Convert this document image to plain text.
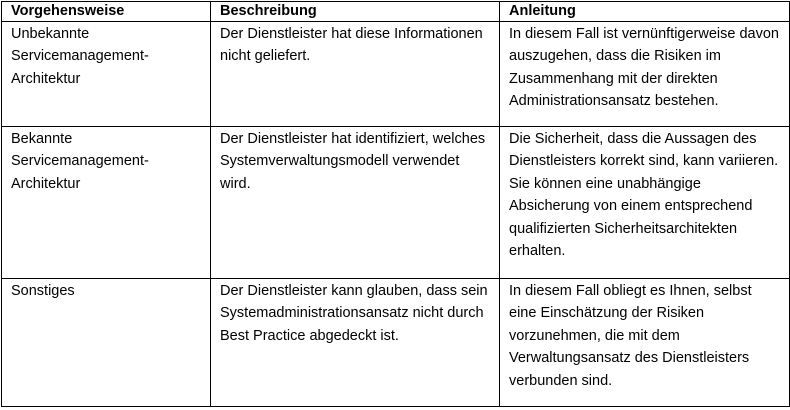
Vorgehensweise	Beschreibung	Anleitung
Unbekannte Servicemanagement-Architektur	Der Dienstleister hat diese Informationen nicht geliefert.	In diesem Fall ist vernünftigerweise davon auszugehen, dass die Risiken im Zusammenhang mit der direkten Administrationsansatz bestehen.
Bekannte Servicemanagement-Architektur	Der Dienstleister hat identifiziert, welches Systemverwaltungsmodell verwendet wird.	Die Sicherheit, dass die Aussagen des Dienstleisters korrekt sind, kann variieren. Sie können eine unabhängige Absicherung von einem entsprechend qualifizierten Sicherheitsarchitekten erhalten.
Sonstiges	Der Dienstleister kann glauben, dass sein Systemadministrationsansatz nicht durch Best Practice abgedeckt ist.	In diesem Fall obliegt es Ihnen, selbst eine Einschätzung der Risiken vorzunehmen, die mit dem Verwaltungsansatz des Dienstleisters verbunden sind.
